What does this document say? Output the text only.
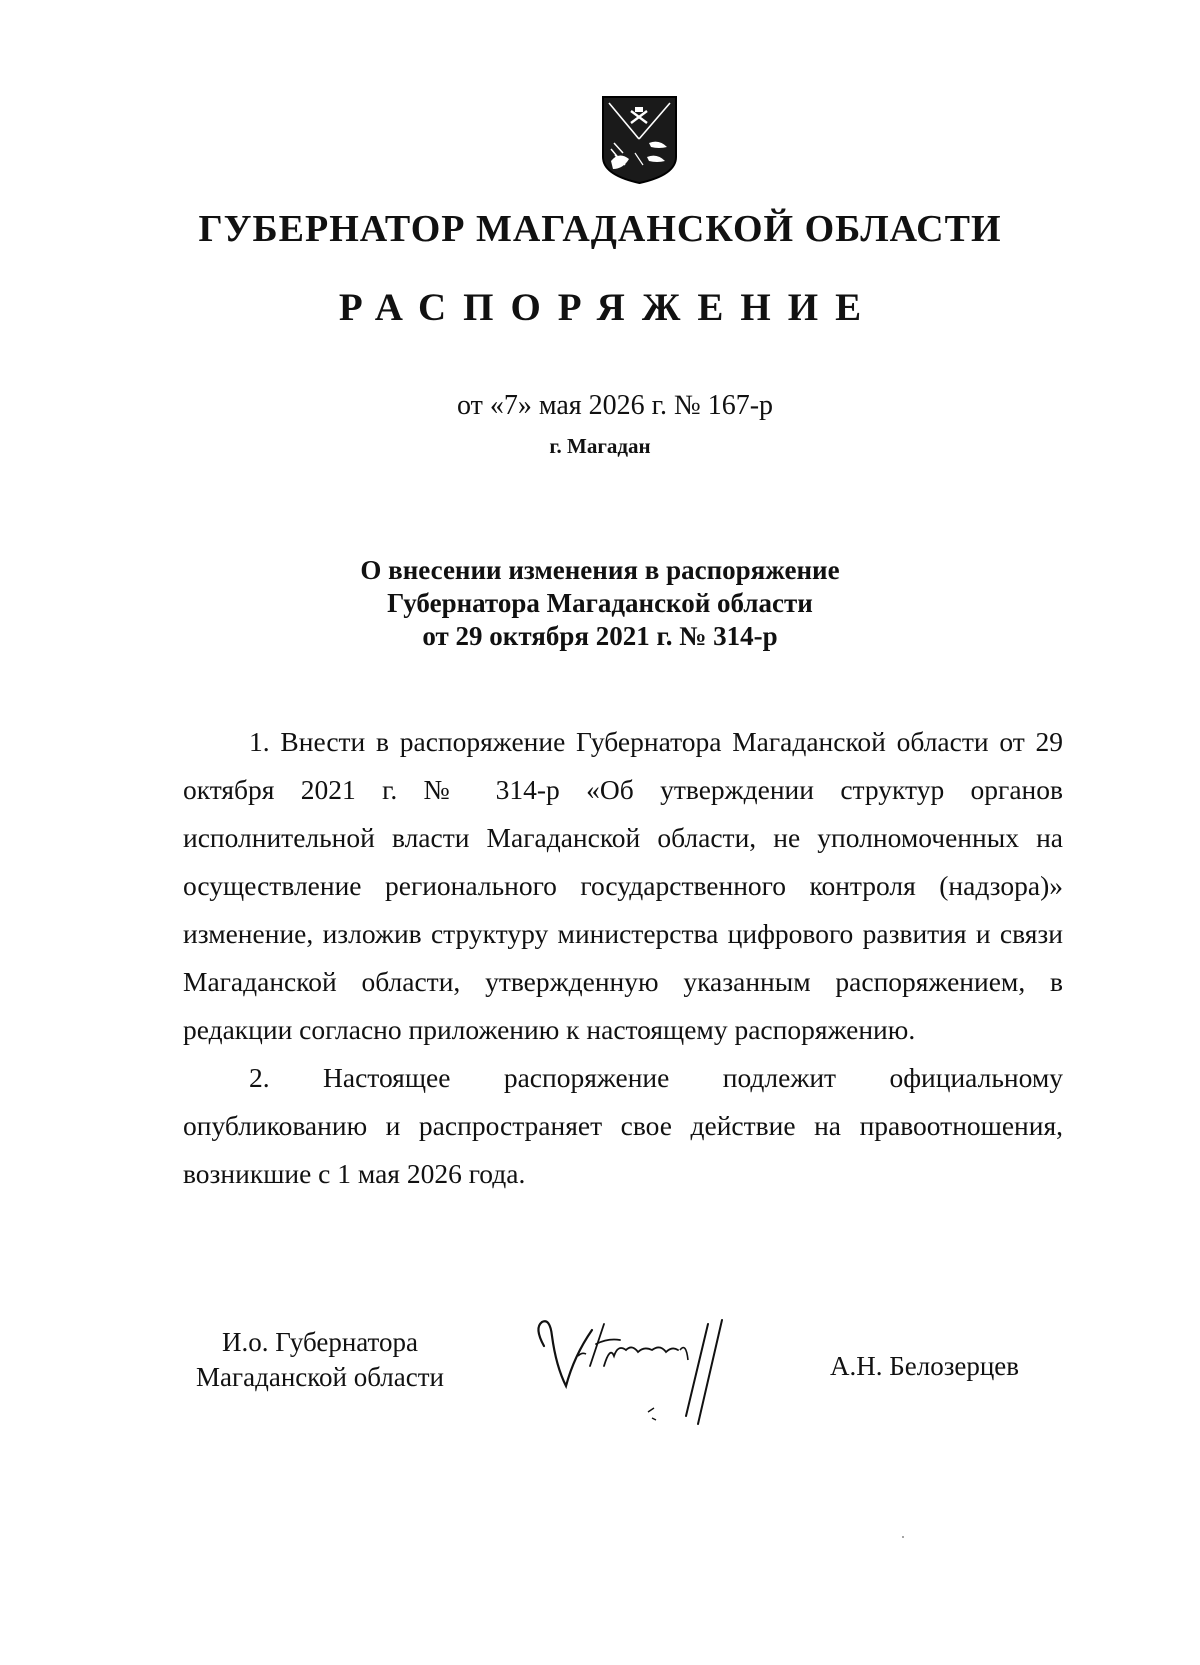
ГУБЕРНАТОР МАГАДАНСКОЙ ОБЛАСТИ
РАСПОРЯЖЕНИЕ
от «7» мая 2026 г. № 167-р
г. Магадан
О внесении изменения в распоряжение
Губернатора Магаданской области
от 29 октября 2021 г. № 314-р

1. Внести в распоряжение Губернатора Магаданской области от 29 октября 2021 г. № 314-р «Об утверждении структур органов исполнительной власти Магаданской области, не уполномоченных на осуществление регионального государственного контроля (надзора)» изменение, изложив структуру министерства цифрового развития и связи Магаданской области, утвержденную указанным распоряжением, в редакции согласно приложению к настоящему распоряжению.

2. Настоящее распоряжение подлежит официальному опубликованию и распространяет свое действие на правоотношения, возникшие с 1 мая 2026 года.

И.о. Губернатора
Магаданской области	А.Н. Белозерцев
